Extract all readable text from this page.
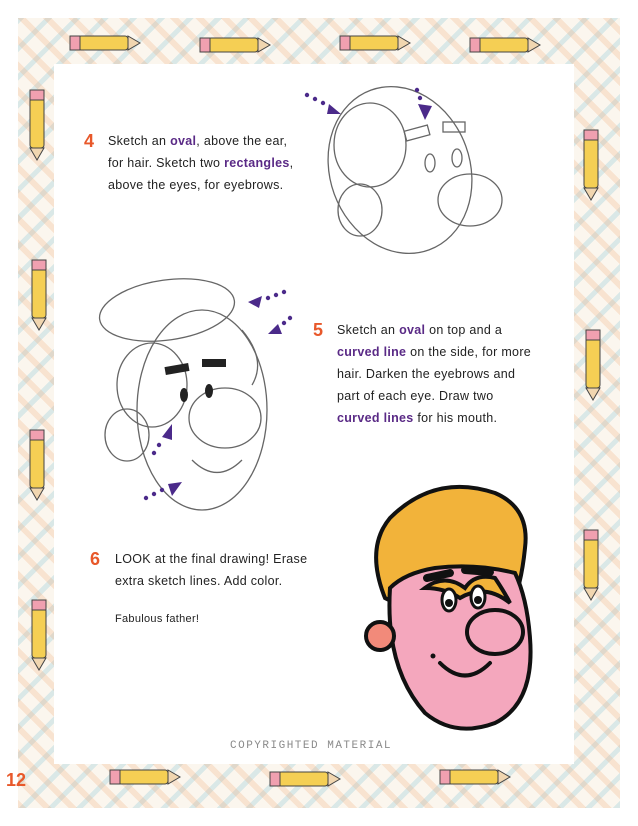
4 Sketch an oval, above the ear,
for hair. Sketch two rectangles,
above the eyes, for eyebrows.
5 Sketch an oval on top and a
curved line on the side, for more
hair. Darken the eyebrows and
part of each eye. Draw two
curved lines for his mouth.
6 LOOK at the final drawing! Erase
extra sketch lines. Add color.
Fabulous father!
COPYRIGHTED MATERIAL
12
